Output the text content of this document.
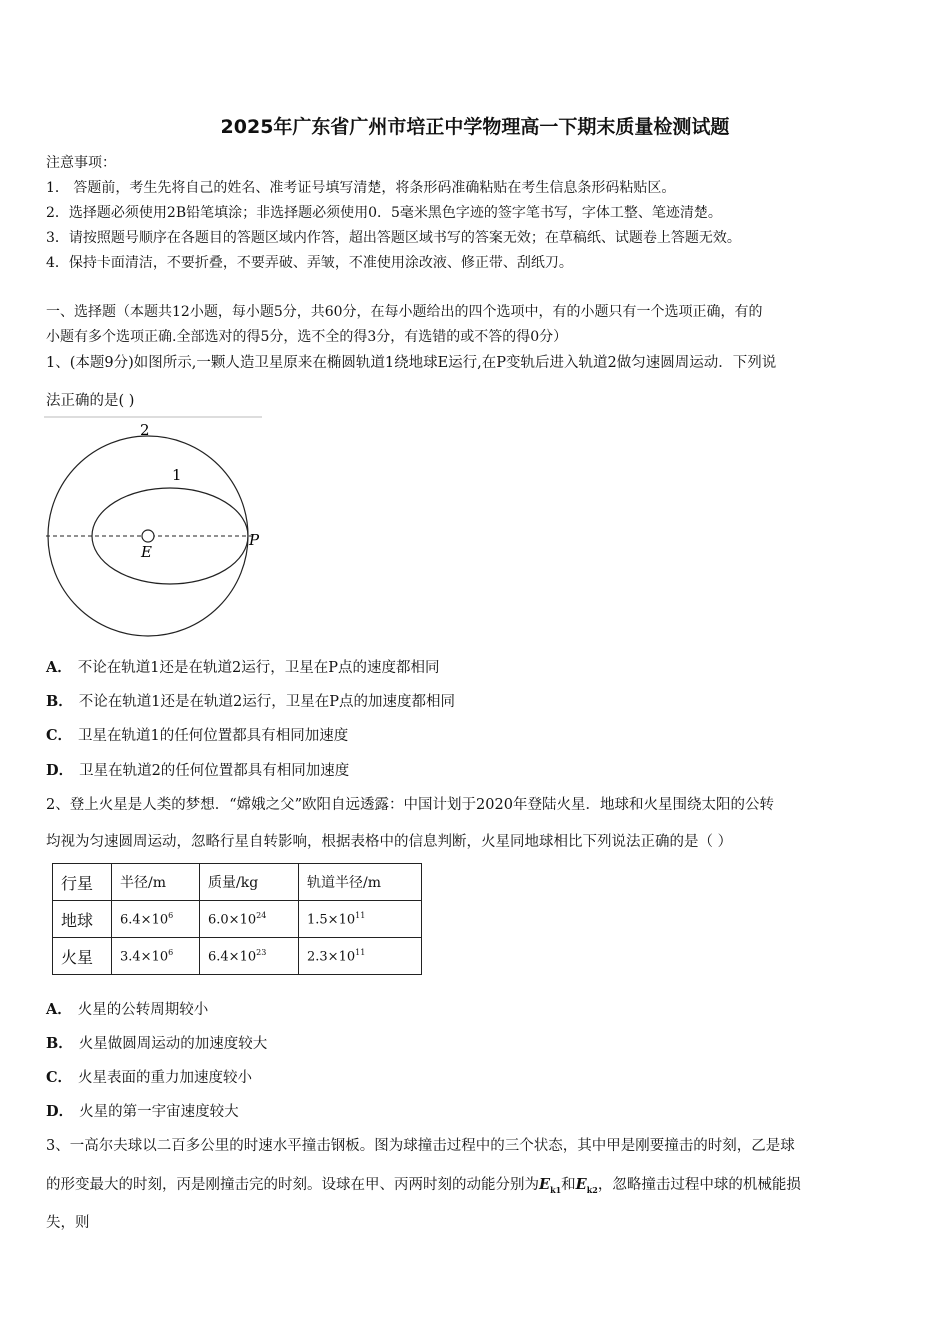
2025年广东省广州市培正中学物理高一下期末质量检测试题
注意事项：
1． 答题前，考生先将自己的姓名、准考证号填写清楚，将条形码准确粘贴在考生信息条形码粘贴区。
2．选择题必须使用2B铅笔填涂；非选择题必须使用0．5毫米黑色字迹的签字笔书写，字体工整、笔迹清楚。
3．请按照题号顺序在各题目的答题区域内作答，超出答题区域书写的答案无效；在草稿纸、试题卷上答题无效。
4．保持卡面清洁，不要折叠，不要弄破、弄皱，不准使用涂改液、修正带、刮纸刀。
一、选择题（本题共12小题，每小题5分，共60分，在每小题给出的四个选项中，有的小题只有一个选项正确，有的
小题有多个选项正确.全部选对的得5分，选不全的得3分，有选错的或不答的得0分）
1、(本题9分)如图所示,一颗人造卫星原来在椭圆轨道1绕地球E运行,在P变轨后进入轨道2做匀速圆周运动．下列说
法正确的是( )
2
1
E
P
A． 不论在轨道1还是在轨道2运行，卫星在P点的速度都相同
B． 不论在轨道1还是在轨道2运行，卫星在P点的加速度都相同
C． 卫星在轨道1的任何位置都具有相同加速度
D． 卫星在轨道2的任何位置都具有相同加速度
2、登上火星是人类的梦想．“嫦娥之父”欧阳自远透露：中国计划于2020年登陆火星．地球和火星围绕太阳的公转
均视为匀速圆周运动，忽略行星自转影响，根据表格中的信息判断，火星同地球相比下列说法正确的是（ ）
行星	半径/m	质量/kg	轨道半径/m
地球	$6.4\times 10^6$	$6.0\times 10^{24}$	$1.5\times 10^{11}$
火星	$3.4\times 10^6$	$6.4\times 10^{23}$	$2.3\times 10^{11}$
A． 火星的公转周期较小
B． 火星做圆周运动的加速度较大
C． 火星表面的重力加速度较小
D． 火星的第一宇宙速度较大
3、一高尔夫球以二百多公里的时速水平撞击钢板。图为球撞击过程中的三个状态，其中甲是刚要撞击的时刻，乙是球
的形变最大的时刻，丙是刚撞击完的时刻。设球在甲、丙两时刻的动能分别为$E_{k1}$和$E_{k2}$，忽略撞击过程中球的机械能损
失，则
